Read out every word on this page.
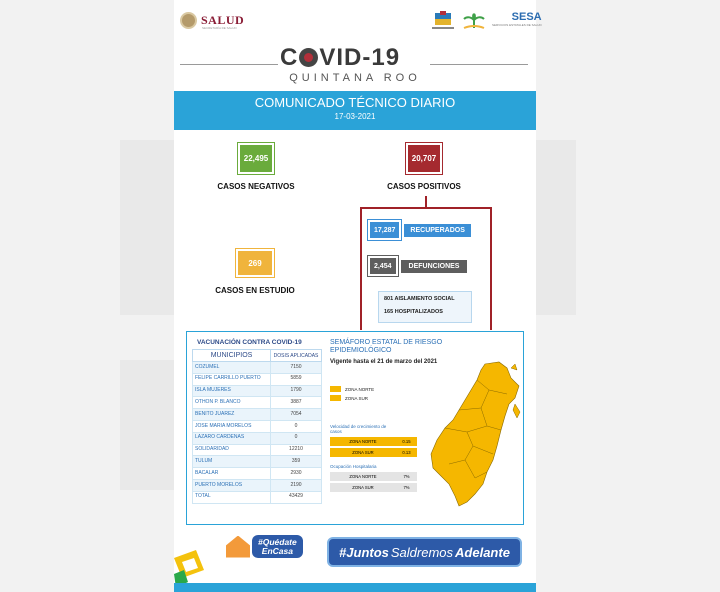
SALUD
SECRETARÍA DE SALUD
SESA
SERVICIOS ESTATALES DE SALUD
C VID-19
QUINTANA ROO
COMUNICADO TÉCNICO DIARIO
17-03-2021
22,495
CASOS NEGATIVOS
20,707
CASOS POSITIVOS
269
CASOS EN ESTUDIO
17,287	RECUPERADOS
2,454	DEFUNCIONES
801 AISLAMIENTO SOCIAL
165 HOSPITALIZADOS
VACUNACIÓN CONTRA COVID-19
MUNICIPIOS	DOSIS APLICADAS
COZUMEL	7150
FELIPE CARRILLO PUERTO	5859
ISLA MUJERES	1790
OTHON P. BLANCO	3887
BENITO JUAREZ	7054
JOSE MARIA MORELOS	0
LAZARO CARDENAS	0
SOLIDARIDAD	12210
TULUM	359
BACALAR	2930
PUERTO MORELOS	2190
TOTAL	43429
SEMÁFORO ESTATAL DE RIESGO EPIDEMIOLÓGICO
Vigente hasta el 21 de marzo del 2021
ZONA NORTE
ZONA SUR
Velocidad de crecimiento de casos
ZONA NORTE	0.15
ZONA SUR	0.13
Ocupación Hospitalaria
ZONA NORTE	7%
ZONA SUR	7%
#Quédate
EnCasa	#Juntos Saldremos Adelante
